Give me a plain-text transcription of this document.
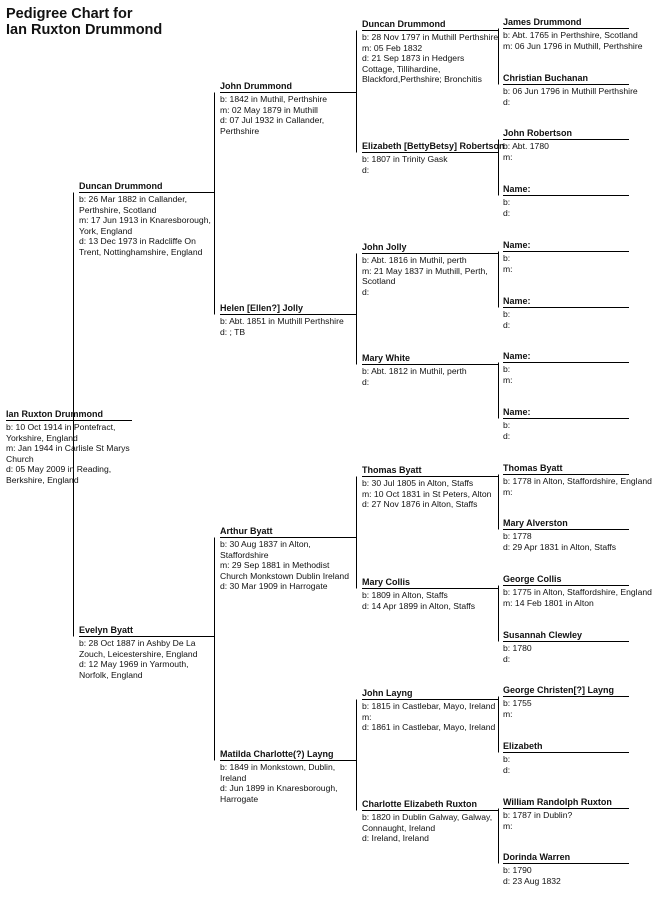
Pedigree Chart for
Ian Ruxton Drummond
Ian Ruxton Drummond
b: 10 Oct 1914 in Pontefract, Yorkshire, England
m: Jan 1944 in Carlisle St Marys Church
d: 05 May 2009 in Reading, Berkshire, England
Duncan Drummond
b: 26 Mar 1882 in Callander, Perthshire, Scotland
m: 17 Jun 1913 in Knaresborough, York, England
d: 13 Dec 1973 in Radcliffe On Trent, Nottinghamshire, England
Evelyn Byatt
b: 28 Oct 1887 in Ashby De La Zouch, Leicestershire, England
d: 12 May 1969 in Yarmouth, Norfolk, England
John Drummond
b: 1842 in Muthil, Perthshire
m: 02 May 1879 in Muthill
d: 07 Jul 1932 in Callander, Perthshire
Helen [Ellen?] Jolly
b: Abt. 1851 in Muthill Perthshire
d: ; TB
Arthur Byatt
b: 30 Aug 1837 in Alton, Staffordshire
m: 29 Sep 1881 in Methodist Church Monkstown Dublin Ireland
d: 30 Mar 1909 in Harrogate
Matilda Charlotte(?) Layng
b: 1849 in Monkstown, Dublin, Ireland
d: Jun 1899 in Knaresborough, Harrogate
Duncan Drummond
b: 28 Nov 1797 in Muthill Perthshire
m: 05 Feb 1832
d: 21 Sep 1873 in Hedgers Cottage, Tillihardine, Blackford,Perthshire; Bronchitis
Elizabeth [BettyBetsy] Robertson
b: 1807 in Trinity Gask
d:
John Jolly
b: Abt. 1816 in Muthil, perth
m: 21 May 1837 in Muthill, Perth, Scotland
d:
Mary White
b: Abt. 1812 in Muthil, perth
d:
Thomas Byatt
b: 30 Jul 1805 in Alton, Staffs
m: 10 Oct 1831 in St Peters, Alton
d: 27 Nov 1876 in Alton, Staffs
Mary Collis
b: 1809 in Alton, Staffs
d: 14 Apr 1899 in Alton, Staffs
John Layng
b: 1815 in Castlebar, Mayo, Ireland
m:
d: 1861 in Castlebar, Mayo, Ireland
Charlotte Elizabeth Ruxton
b: 1820 in Dublin Galway, Galway, Connaught, Ireland
d: Ireland, Ireland
James Drummond
b: Abt. 1765 in Perthshire, Scotland
m: 06 Jun 1796 in Muthill, Perthshire
Christian Buchanan
b: 06 Jun 1796 in Muthill Perthshire
d:
John Robertson
b: Abt. 1780
m:
Name:
b:
d:
Name:
b:
m:
Name:
b:
d:
Name:
b:
m:
Name:
b:
d:
Thomas Byatt
b: 1778 in Alton, Staffordshire, England
m:
Mary Alverston
b: 1778
d: 29 Apr 1831 in Alton, Staffs
George Collis
b: 1775 in Alton, Staffordshire, England
m: 14 Feb 1801 in Alton
Susannah Clewley
b: 1780
d:
George Christen[?] Layng
b: 1755
m:
Elizabeth
b:
d:
William Randolph Ruxton
b: 1787 in Dublin?
m:
Dorinda Warren
b: 1790
d: 23 Aug 1832
